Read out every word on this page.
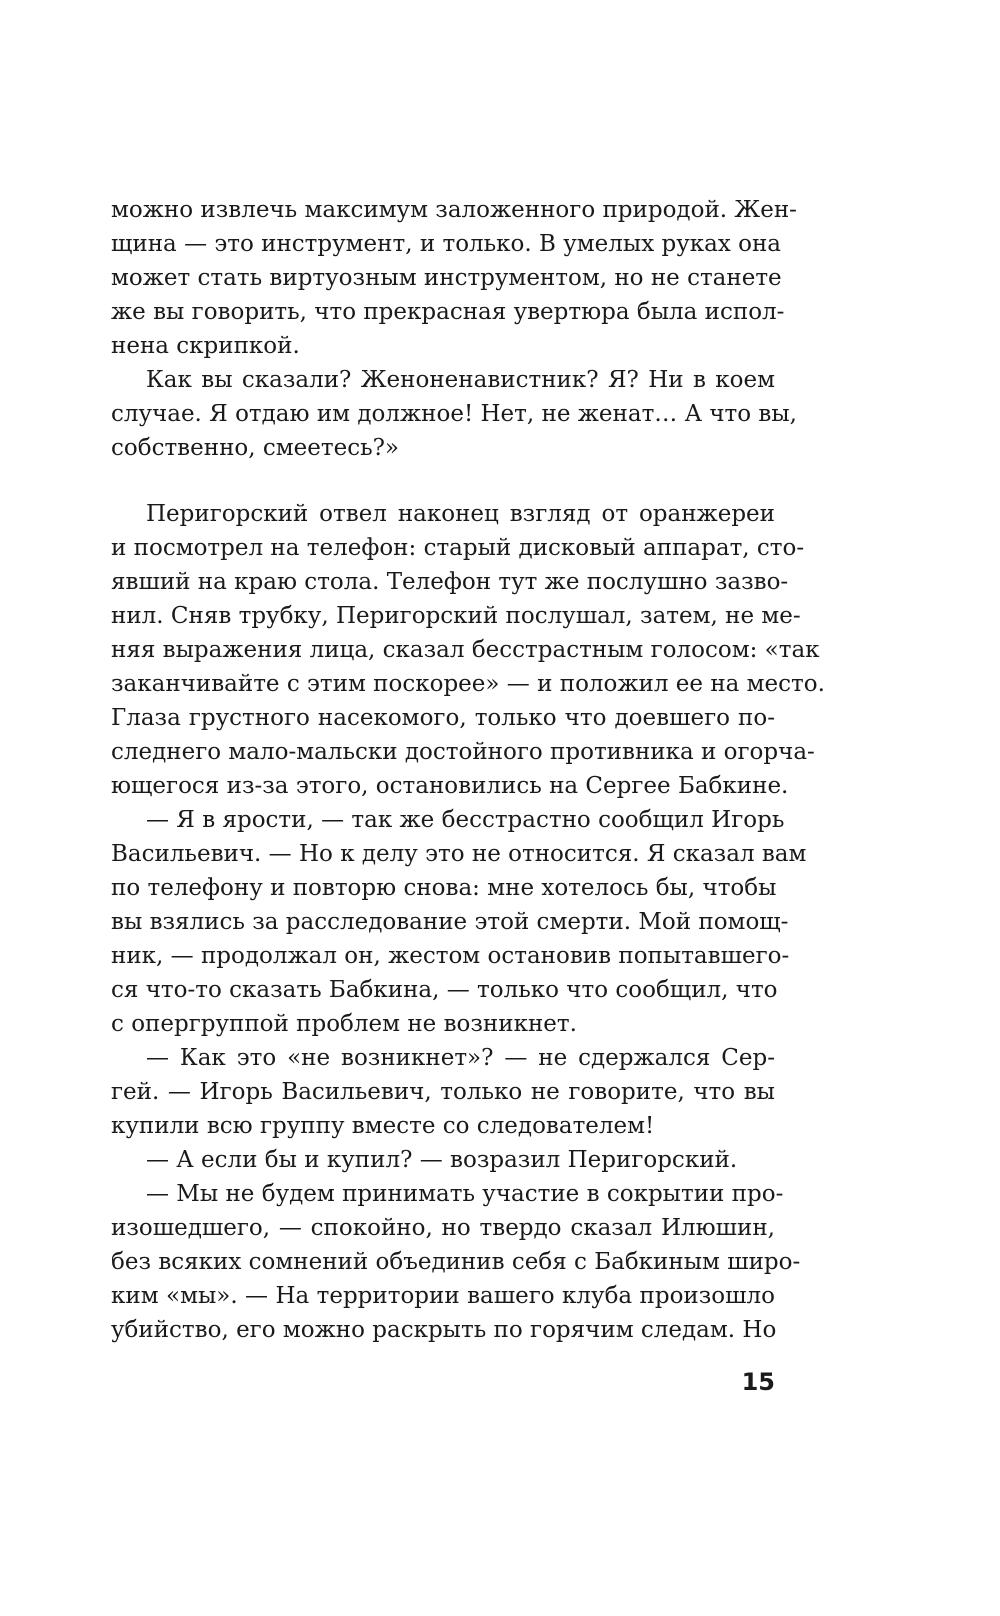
можно извлечь максимум заложенного природой. Жен-
щина — это инструмент, и только. В умелых руках она
может стать виртуозным инструментом, но не станете
же вы говорить, что прекрасная увертюра была испол-
нена скрипкой.
Как вы сказали? Женоненавистник? Я? Ни в коем
случае. Я отдаю им должное! Нет, не женат… А что вы,
собственно, смеетесь?»
Перигорский отвел наконец взгляд от оранжереи
и посмотрел на телефон: старый дисковый аппарат, сто-
явший на краю стола. Телефон тут же послушно зазво-
нил. Сняв трубку, Перигорский послушал, затем, не ме-
няя выражения лица, сказал бесстрастным голосом: «так
заканчивайте с этим поскорее» — и положил ее на место.
Глаза грустного насекомого, только что доевшего по-
следнего мало-мальски достойного противника и огорча-
ющегося из-за этого, остановились на Сергее Бабкине.
— Я в ярости, — так же бесстрастно сообщил Игорь
Васильевич. — Но к делу это не относится. Я сказал вам
по телефону и повторю снова: мне хотелось бы, чтобы
вы взялись за расследование этой смерти. Мой помощ-
ник, — продолжал он, жестом остановив попытавшего-
ся что-то сказать Бабкина, — только что сообщил, что
с опергруппой проблем не возникнет.
— Как это «не возникнет»? — не сдержался Сер-
гей. — Игорь Васильевич, только не говорите, что вы
купили всю группу вместе со следователем!
— А если бы и купил? — возразил Перигорский.
— Мы не будем принимать участие в сокрытии про-
изошедшего, — спокойно, но твердо сказал Илюшин,
без всяких сомнений объединив себя с Бабкиным широ-
ким «мы». — На территории вашего клуба произошло
убийство, его можно раскрыть по горячим следам. Но
15
